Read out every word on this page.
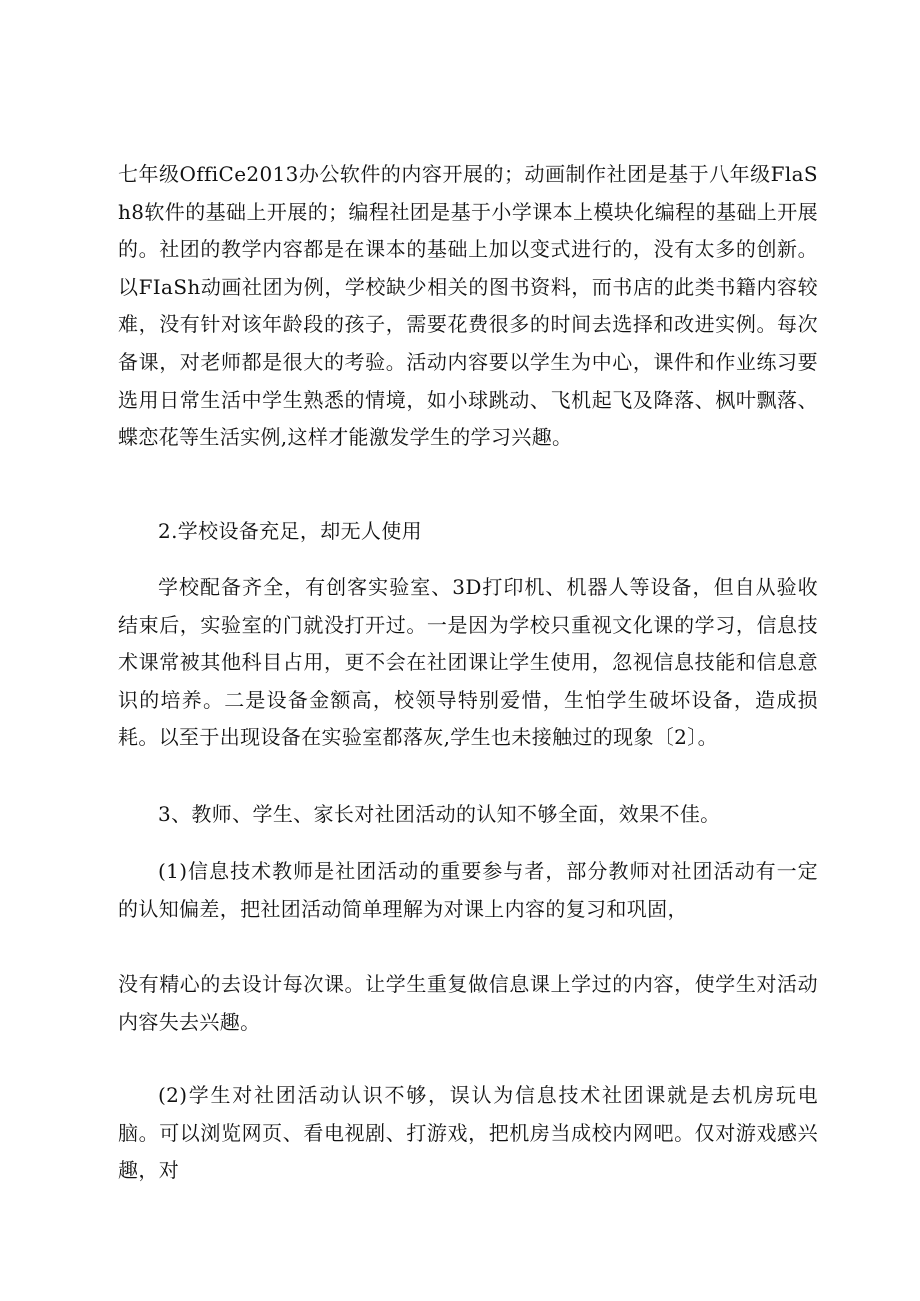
七年级OffiCe2013办公软件的内容开展的；动画制作社团是基于八年级FlaSh8软件的基础上开展的；编程社团是基于小学课本上模块化编程的基础上开展的。社团的教学内容都是在课本的基础上加以变式进行的，没有太多的创新。以FIaSh动画社团为例，学校缺少相关的图书资料，而书店的此类书籍内容较难，没有针对该年龄段的孩子，需要花费很多的时间去选择和改进实例。每次备课，对老师都是很大的考验。活动内容要以学生为中心，课件和作业练习要选用日常生活中学生熟悉的情境，如小球跳动、飞机起飞及降落、枫叶飘落、蝶恋花等生活实例,这样才能激发学生的学习兴趣。

2.学校设备充足，却无人使用

学校配备齐全，有创客实验室、3D打印机、机器人等设备，但自从验收结束后，实验室的门就没打开过。一是因为学校只重视文化课的学习，信息技术课常被其他科目占用，更不会在社团课让学生使用，忽视信息技能和信息意识的培养。二是设备金额高，校领导特别爱惜，生怕学生破坏设备，造成损耗。以至于出现设备在实验室都落灰,学生也未接触过的现象〔2〕。

3、教师、学生、家长对社团活动的认知不够全面，效果不佳。

(1)信息技术教师是社团活动的重要参与者，部分教师对社团活动有一定的认知偏差，把社团活动简单理解为对课上内容的复习和巩固，

没有精心的去设计每次课。让学生重复做信息课上学过的内容，使学生对活动内容失去兴趣。

(2)学生对社团活动认识不够，误认为信息技术社团课就是去机房玩电脑。可以浏览网页、看电视剧、打游戏，把机房当成校内网吧。仅对游戏感兴趣，对
